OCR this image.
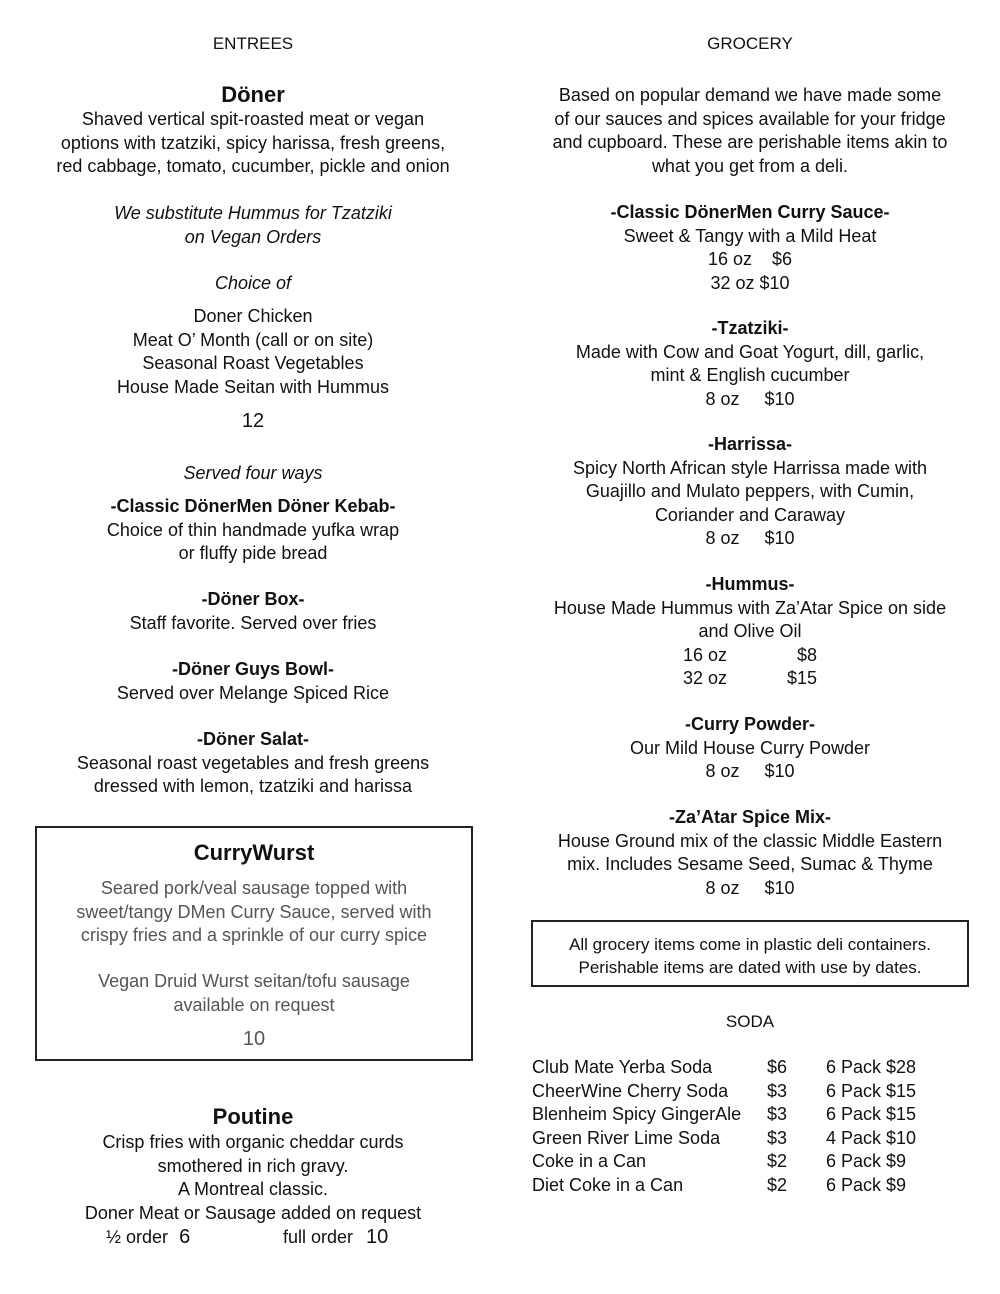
ENTREES
Döner
Shaved vertical spit-roasted meat or vegan
options with tzatziki, spicy harissa, fresh greens,
red cabbage, tomato, cucumber, pickle and onion
We substitute Hummus for Tzatziki
on Vegan Orders
Choice of
Doner Chicken
Meat O’ Month (call or on site)
Seasonal Roast Vegetables
House Made Seitan with Hummus
12
Served four ways
-Classic DönerMen Döner Kebab-
Choice of thin handmade yufka wrap
or fluffy pide bread
-Döner Box-
Staff favorite. Served over fries
-Döner Guys Bowl-
Served over Melange Spiced Rice
-Döner Salat-
Seasonal roast vegetables and fresh greens
dressed with lemon, tzatziki and harissa
CurryWurst
Seared pork/veal sausage topped with
sweet/tangy DMen Curry Sauce, served with
crispy fries and a sprinkle of our curry spice
Vegan Druid Wurst seitan/tofu sausage
available on request
10
Poutine
Crisp fries with organic cheddar curds
smothered in rich gravy.
A Montreal classic.
Doner Meat or Sausage added on request
½ order 6	full order 10
GROCERY
Based on popular demand we have made some
of our sauces and spices available for your fridge
and cupboard. These are perishable items akin to
what you get from a deli.
-Classic DönerMen Curry Sauce-
Sweet & Tangy with a Mild Heat
16 oz    $6
32 oz $10
-Tzatziki-
Made with Cow and Goat Yogurt, dill, garlic,
mint & English cucumber
8 oz     $10
-Harrissa-
Spicy North African style Harrissa made with
Guajillo and Mulato peppers, with Cumin,
Coriander and Caraway
8 oz     $10
-Hummus-
House Made Hummus with Za’Atar Spice on side
and Olive Oil
16 oz              $8
32 oz            $15
-Curry Powder-
Our Mild House Curry Powder
8 oz     $10
-Za’Atar Spice Mix-
House Ground mix of the classic Middle Eastern
mix. Includes Sesame Seed, Sumac & Thyme
8 oz     $10
All grocery items come in plastic deli containers.
Perishable items are dated with use by dates.
SODA
Club Mate Yerba Soda	$6 6 Pack $28
CheerWine Cherry Soda $3 6 Pack $15
Blenheim Spicy GingerAle $3 6 Pack $15
Green River Lime Soda	$3 4 Pack $10
Coke in a Can	$2 6 Pack $9
Diet Coke in a Can	$2 6 Pack $9
